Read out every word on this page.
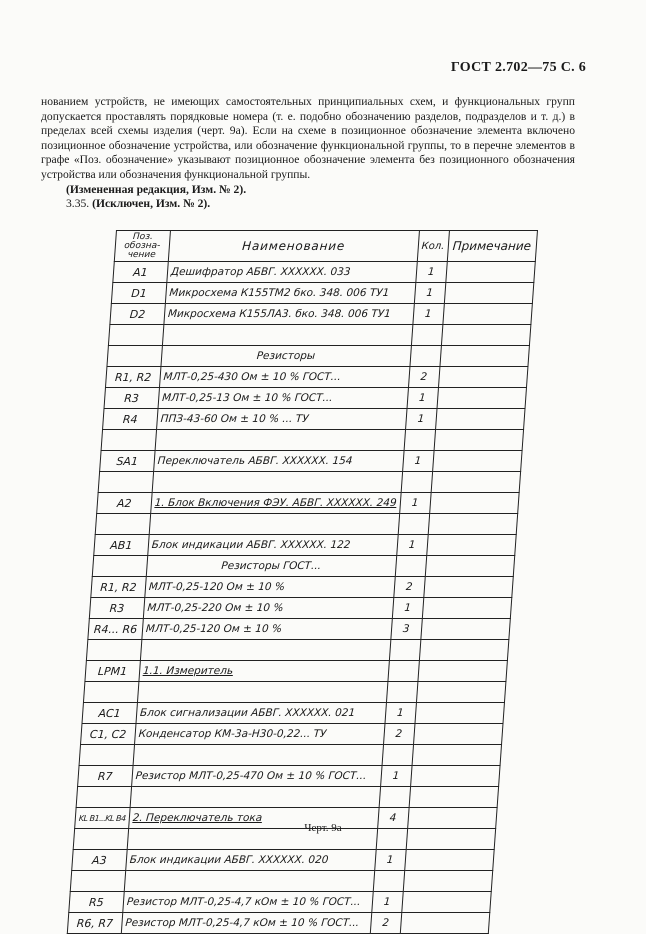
ГОСТ 2.702—75 С. 6

нованием устройств, не имеющих самостоятельных принципиальных схем, и функциональных групп допускается проставлять порядковые номера (т. е. подобно обозначению разделов, подразделов и т. д.) в пределах всей схемы изделия (черт. 9а). Если на схеме в позиционное обозначение элемента включено позиционное обозначение устройства, или обозначение функциональной группы, то в перечне элементов в графе «Поз. обозначение» указывают позиционное обозначение элемента без позиционного обозначения устройства или обозначения функциональной группы.

(Измененная редакция, Изм. № 2).

3.35. (Исключен, Изм. № 2).

Поз. обозна-чение	Наименование	Кол.	Примечание
A1	Дешифратор АБВГ. XXXXXX. 033	1	
D1	Микросхема К155ТМ2 бко. 348. 006 ТУ1	1	
D2	Микросхема К155ЛА3. бко. 348. 006 ТУ1	1	

	Резисторы		
R1, R2	МЛТ-0,25-430 Ом ± 10 % ГОСТ...	2	
R3	МЛТ-0,25-13 Ом ± 10 % ГОСТ...	1	
R4	ППЗ-43-60 Ом ± 10 % ... ТУ	1	

SA1	Переключатель АБВГ. XXXXXX. 154	1	

A2	1. Блок Включения ФЭУ. АБВГ. XXXXXX. 249	1	

AB1	Блок индикации АБВГ. XXXXXX. 122	1	
	Резисторы ГОСТ...		
R1, R2	МЛТ-0,25-120 Ом ± 10 %	2	
R3	МЛТ-0,25-220 Ом ± 10 %	1	
R4... R6	МЛТ-0,25-120 Ом ± 10 %	3	

LPM1	1.1. Измеритель		

AC1	Блок сигнализации АБВГ. XXXXXX. 021	1	
C1, C2	Конденсатор КМ-3а-Н30-0,22... ТУ	2	

R7	Резистор МЛТ-0,25-470 Ом ± 10 % ГОСТ...	1	

KL B1...KL B4	2. Переключатель тока	4	

A3	Блок индикации АБВГ. XXXXXX. 020	1	

R5	Резистор МЛТ-0,25-4,7 кОм ± 10 % ГОСТ...	1	
R6, R7	Резистор МЛТ-0,25-4,7 кОм ± 10 % ГОСТ...	2	
Черт. 9а
